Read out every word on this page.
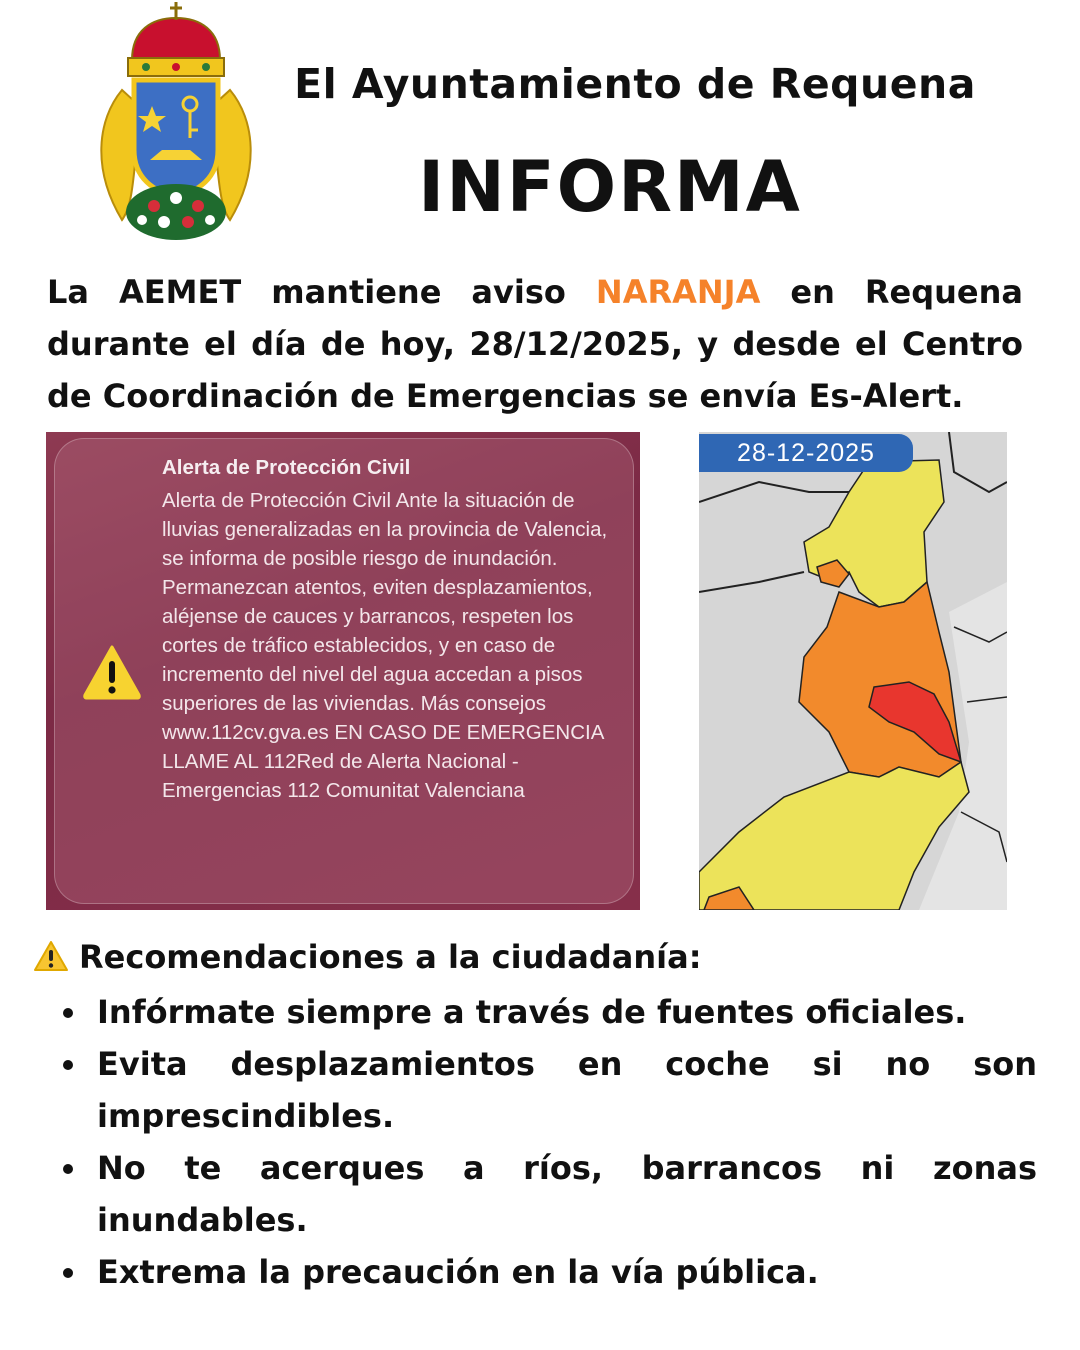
El Ayuntamiento de Requena
INFORMA
La AEMET mantiene aviso NARANJA en Requena durante el día de hoy, 28/12/2025, y desde el Centro de Coordinación de Emergencias se envía Es-Alert.
Alerta de Protección Civil
Alerta de Protección Civil Ante la situación de lluvias generalizadas en la provincia de Valencia, se informa de posible riesgo de inundación. Permanezcan atentos, eviten desplazamientos, aléjense de cauces y barrancos, respeten los cortes de tráfico establecidos, y en caso de incremento del nivel del agua accedan a pisos superiores de las viviendas. Más consejos www.112cv.gva.es EN CASO DE EMERGENCIA LLAME AL 112Red de Alerta Nacional - Emergencias 112 Comunitat Valenciana
28-12-2025
Recomendaciones a la ciudadanía:
Infórmate siempre a través de fuentes oficiales.
Evita desplazamientos en coche si no son imprescindibles.
No te acerques a ríos, barrancos ni zonas inundables.
Extrema la precaución en la vía pública.
